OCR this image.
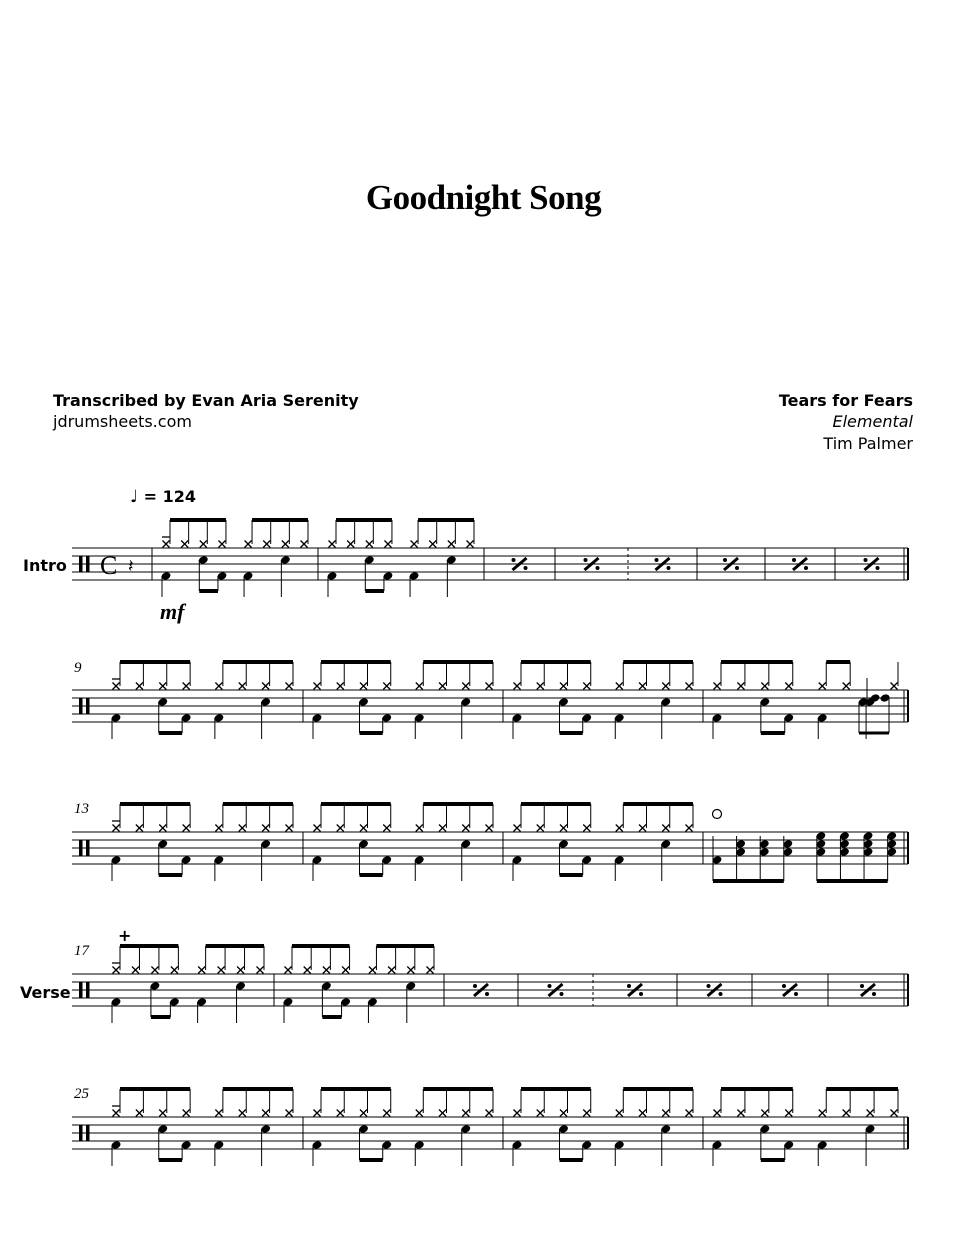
Goodnight Song
Transcribed by Evan Aria Serenity
jdrumsheets.com
Tears for Fears
Elemental
Tim Palmer
♩ = 124
mf
Intro
Verse
9
13
17
25
C 𝄽
+
